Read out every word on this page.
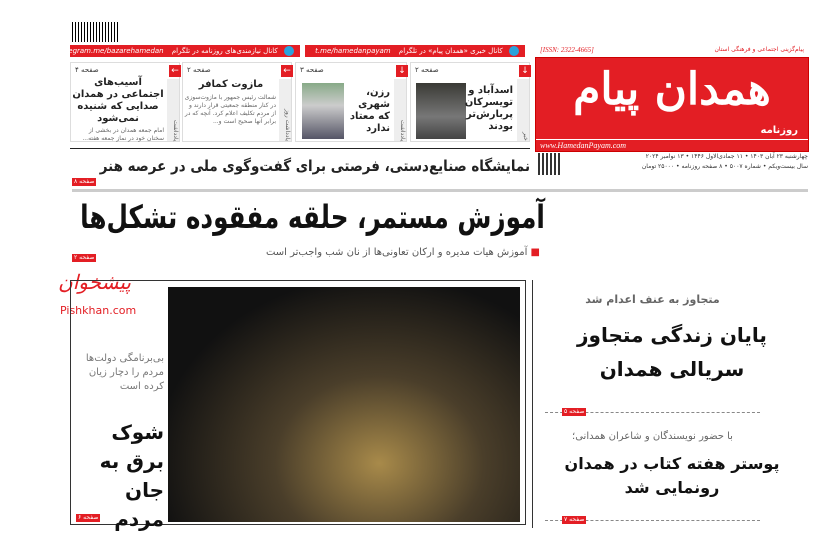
کانال نیازمندی‌های روزنامه در تلگرام telegram.me/bazarehamedan	کانال خبری «همدان پیام» در تلگرام t.me/hamedanpayam	پیام‌گزینی اجتماعی و فرهنگی استان
[ISSN: 2322-4665]
همدان پیام
روزنامه
www.HamedanPayam.com
چهارشنبه ۲۳ آبان ۱۴۰۳ • ۱۱ جمادی‌الاول ۱۴۴۶ • ۱۳ نوامبر ۲۰۲۴
سال بیست‌ویکم • شماره ۵۰۰۷ • ۸ صفحه روزنامه • ۲۵۰۰۰ تومان
↓
صفحه ۲
خبر
اسدآباد و تویسرکان پربارش‌تر بودند
↓
صفحه ۳
یادداشت
رزن، شهری که معتاد ندارد
←
صفحه ۲
یادداشت روز
مازوت کمافر
شمالت رئیس جمهور با مازوت‌سوزی در کنار منطقه جمعیتی قرار دارند و از مردم تکلیف اعلام کرد. آنچه که در برابر آنها صحیح است و...
←
صفحه ۴
یادداشت
آسیب‌های اجتماعی در همدان صدایی که شنیده نمی‌شود
امام جمعه همدان در بخشی از سخنان خود در نماز جمعه هفته...
نمایشگاه صنایع‌دستی، فرصتی برای گفت‌وگوی ملی در عرصه هنر
صفحه ۸
آموزش مستمر، حلقه مفقوده تشکل‌ها
■ آموزش هیات مدیره و ارکان تعاونی‌ها از نان شب واجب‌تر است
صفحه ۲
پیشخوان
Pishkhan.com
بی‌برنامگی دولت‌ها مردم را دچار زیان کرده است
شوک برق به جان مردم
صفحه ۶
متجاوز به عنف اعدام شد
پایان زندگی متجاوز سریالی همدان
صفحه ۵
با حضور نویسندگان و شاعران همدانی؛
پوستر هفته کتاب در همدان رونمایی شد
صفحه ۷
